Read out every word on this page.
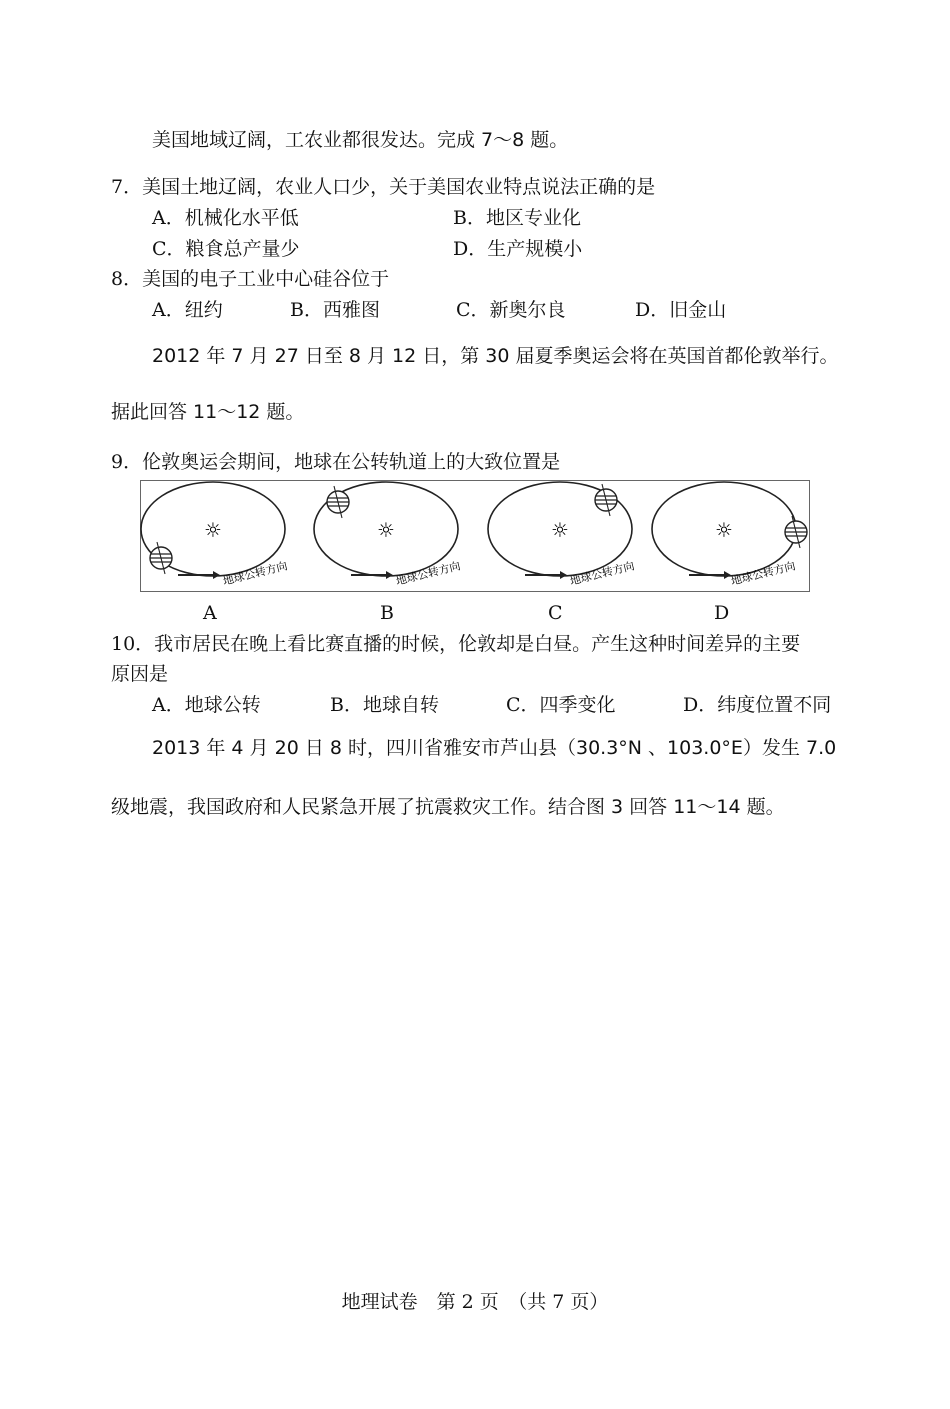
美国地域辽阔，工农业都很发达。完成 7～8 题。
7．美国土地辽阔，农业人口少，关于美国农业特点说法正确的是
A．机械化水平低	B．地区专业化
C．粮食总产量少	D．生产规模小
8．美国的电子工业中心硅谷位于
A．纽约	B．西雅图	C．新奥尔良	D．旧金山
2012 年 7 月 27 日至 8 月 12 日，第 30 届夏季奥运会将在英国首都伦敦举行。
据此回答 11～12 题。
9．伦敦奥运会期间，地球在公转轨道上的大致位置是
☼
地球公转方向
☼
地球公转方向
☼
地球公转方向
☼
地球公转方向
A	B	C	D
10．我市居民在晚上看比赛直播的时候，伦敦却是白昼。产生这种时间差异的主要
原因是
A．地球公转	B．地球自转	C．四季变化	D．纬度位置不同
2013 年 4 月 20 日 8 时，四川省雅安市芦山县（30.3°N 、103.0°E）发生 7.0
级地震，我国政府和人民紧急开展了抗震救灾工作。结合图 3 回答 11～14 题。
地理试卷　第 2 页　（共 7 页）
